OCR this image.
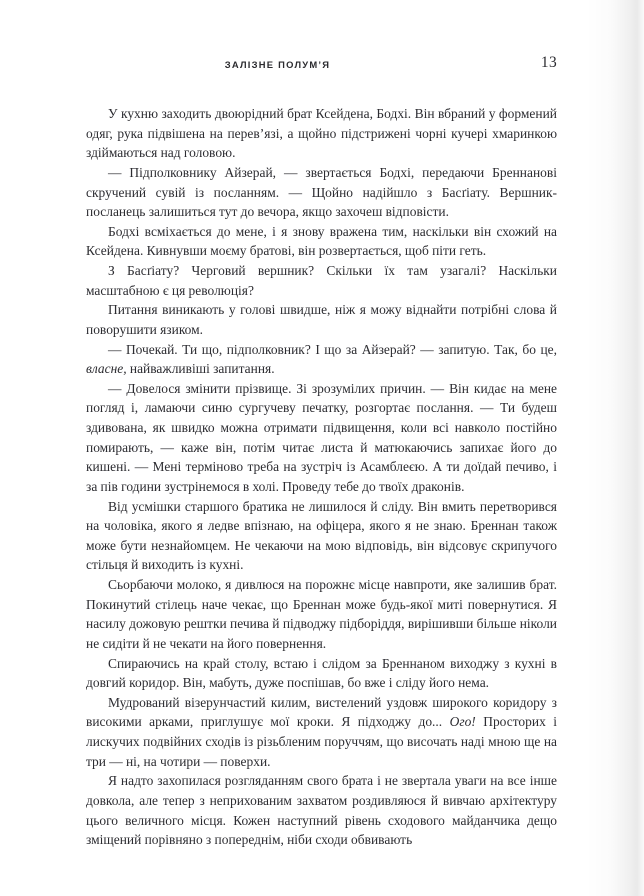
ЗАЛІЗНЕ ПОЛУМ’Я	13

У кухню заходить двоюрідний брат Ксейдена, Бодхі. Він вбраний у формений одяг, рука підвішена на перев’язі, а щойно підстрижені чорні кучері хмаринкою здіймаються над головою.

— Підполковнику Айзерай, — звертається Бодхі, передаючи Бреннанові скручений сувій із посланням. — Щойно надійшло з Басґіату. Вершник-посланець залишиться тут до вечора, якщо захочеш відповісти.

Бодхі всміхається до мене, і я знову вражена тим, наскільки він схожий на Ксейдена. Кивнувши моєму братові, він розвертається, щоб піти геть.

З Басґіату? Черговий вершник? Скільки їх там узагалі? Наскільки масштабною є ця революція?

Питання виникають у голові швидше, ніж я можу віднайти потрібні слова й поворушити язиком.

— Почекай. Ти що, підполковник? І що за Айзерай? — запитую. Так, бо це, власне, найважливіші запитання.

— Довелося змінити прізвище. Зі зрозумілих причин. — Він кидає на мене погляд і, ламаючи синю сургучеву печатку, розгортає послання. — Ти будеш здивована, як швидко можна отримати підвищення, коли всі навколо постійно помирають, — каже він, потім читає листа й матюкаючись запихає його до кишені. — Мені терміново треба на зустріч із Асамблеєю. А ти доїдай печиво, і за пів години зустрінемося в холі. Проведу тебе до твоїх драконів.

Від усмішки старшого братика не лишилося й сліду. Він вмить перетворився на чоловіка, якого я ледве впізнаю, на офіцера, якого я не знаю. Бреннан також може бути незнайомцем. Не чекаючи на мою відповідь, він відсовує скрипучого стільця й виходить із кухні.

Сьорбаючи молоко, я дивлюся на порожнє місце навпроти, яке залишив брат. Покинутий стілець наче чекає, що Бреннан може будь-якої миті повернутися. Я насилу дожовую рештки печива й підводжу підборіддя, вирішивши більше ніколи не сидіти й не чекати на його повернення.

Спираючись на край столу, встаю і слідом за Бреннаном виходжу з кухні в довгий коридор. Він, мабуть, дуже поспішав, бо вже і сліду його нема.

Мудрований візерунчастий килим, вистелений уздовж широкого коридору з високими арками, приглушує мої кроки. Я підходжу до... Ого! Просторих і лискучих подвійних сходів із різьбленим поруччям, що височать наді мною ще на три — ні, на чотири — поверхи.

Я надто захопилася розгляданням свого брата і не звертала уваги на все інше довкола, але тепер з неприхованим захватом роздивляюся й вивчаю архітектуру цього величного місця. Кожен наступний рівень сходового майданчика дещо зміщений порівняно з попереднім, ніби сходи обвивають
